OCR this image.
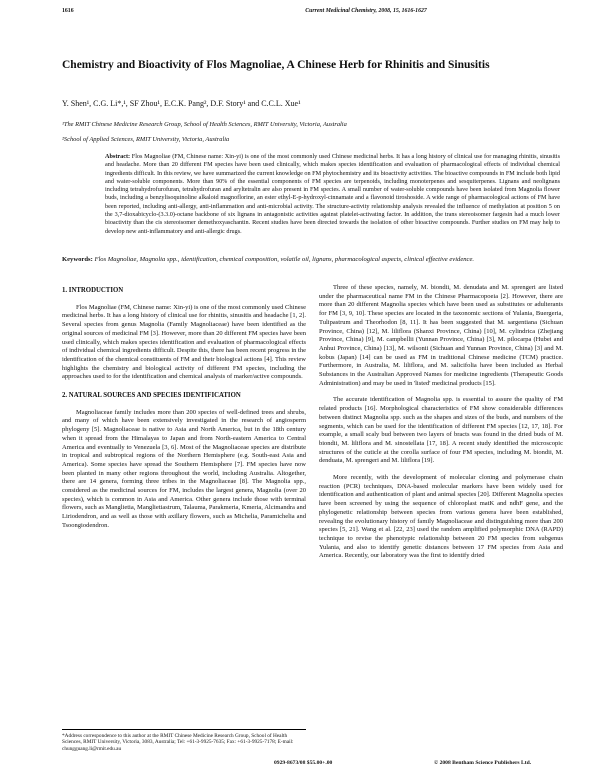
1616	Current Medicinal Chemistry, 2008, 15, 1616-1627
Chemistry and Bioactivity of Flos Magnoliae, A Chinese Herb for Rhinitis and Sinusitis
Y. Shen¹, C.G. Li*,¹, SF Zhou¹, E.C.K. Pang², D.F. Story¹ and C.C.L. Xue¹
¹The RMIT Chinese Medicine Research Group, School of Health Sciences, RMIT University, Victoria, Australia
²School of Applied Sciences, RMIT University, Victoria, Australia
Abstract: Flos Magnoliae (FM, Chinese name: Xin-yi) is one of the most commonly used Chinese medicinal herbs. It has a long history of clinical use for managing rhinitis, sinusitis and headache. More than 20 different FM species have been used clinically, which makes species identification and evaluation of pharmacological effects of individual chemical ingredients difficult. In this review, we have summarized the current knowledge on FM phytochemistry and its bioactivity activities. The bioactive compounds in FM include both lipid and water-soluble components. More than 90% of the essential components of FM species are terpenoids, including monoterpenes and sesquiterpenes. Lignans and neolignans including tetrahydrofurofuran, tetrahydrofuran and aryltetralin are also present in FM species. A small number of water-soluble compounds have been isolated from Magnolia flower buds, including a benzylisoquinoline alkaloid magnoflorine, an ester ethyl-E-p-hydroxyl-cinnamate and a flavonoid tiroshoside. A wide range of pharmacological actions of FM have been reported, including anti-allergy, anti-inflammation and anti-microbial activity. The structure-activity relationship analysis revealed the influence of methylation at position 5 on the 3,7-dioxabicyclo-(3.3.0)-octane backbone of six lignans in antagonistic activities against platelet-activating factor. In addition, the trans stereoisomer fargesin had a much lower bioactivity than the cis stereoisomer demethoxyaschantin. Recent studies have been directed towards the isolation of other bioactive compounds. Further studies on FM may help to develop new anti-inflammatory and anti-allergic drugs.
Keywords: Flos Magnoliae, Magnolia spp., identification, chemical composition, volatile oil, lignans, pharmacological aspects, clinical effective evidence.
1. INTRODUCTION

Flos Magnoliae (FM, Chinese name: Xin-yi) is one of the most commonly used Chinese medicinal herbs. It has a long history of clinical use for rhinitis, sinusitis and headache [1, 2]. Several species from genus Magnolia (Family Magnoliaceae) have been identified as the original sources of medicinal FM [3]. However, more than 20 different FM species have been used clinically, which makes species identification and evaluation of pharmacological effects of individual chemical ingredients difficult. Despite this, there has been recent progress in the identification of the chemical constituents of FM and their biological actions [4]. This review highlights the chemistry and biological activity of different FM species, including the approaches used to for the identification and chemical analysis of marker/active compounds.

2. NATURAL SOURCES AND SPECIES IDENTIFICATION

Magnoliaceae family includes more than 200 species of well-defined trees and shrubs, and many of which have been extensively investigated in the research of angiosperm phylogeny [5]. Magnoliaceae is native to Asia and North America, but in the 18th century when it spread from the Himalayas to Japan and from North-eastern America to Central America and eventually to Venezuela [3, 6]. Most of the Magnoliaceae species are distribute in tropical and subtropical regions of the Northern Hemisphere (e.g. South-east Asia and America). Some species have spread the Southern Hemisphere [7]. FM species have now been planted in many other regions throughout the world, including Australia. Altogether, there are 14 genera, forming three tribes in the Magnoliaceae [8]. The Magnolia spp., considered as the medicinal sources for FM, includes the largest genera, Magnolia (over 20 species), which is common in Asia and America. Other genera include those with terminal flowers, such as Manglietia, Manglietiastrum, Talauma, Parakmeria, Kmeria, Alcimandra and Liriodendron, and as well as those with axillary flowers, such as Michelia, Paramichelia and Tsoongiodendron.

Three of these species, namely, M. biondii, M. denudata and M. sprengeri are listed under the pharmaceutical name FM in the Chinese Pharmacopoeia [2]. However, there are more than 20 different Magnolia species which have been used as substitutes or adulterants for FM [3, 9, 10]. These species are located in the taxonomic sections of Yulania, Buergeria, Tulipastrum and Theorhodon [8, 11]. It has been suggested that M. sargentiana (Sichuan Province, China) [12], M. liliflora (Shanxi Province, China) [10], M. cylindrica (Zhejiang Province, China) [9], M. campbellii (Yunnan Province, China) [3], M. pilocarpa (Hubei and Anhui Province, China) [13], M. wilsonii (Sichuan and Yunnan Province, China) [3] and M. kobus (Japan) [14] can be used as FM in traditional Chinese medicine (TCM) practice. Furthermore, in Australia, M. liliflora, and M. salicifolia have been included as Herbal Substances in the Australian Approved Names for medicine ingredients (Therapeutic Goods Administration) and may be used in 'listed' medicinal products [15].

The accurate identification of Magnolia spp. is essential to assure the quality of FM related products [16]. Morphological characteristics of FM show considerable differences between distinct Magnolia spp. such as the shapes and sizes of the buds, and numbers of the segments, which can be used for the identification of different FM species [12, 17, 18]. For example, a small scaly bud between two layers of bracts was found in the dried buds of M. biondii, M. liliflora and M. sinostellata [17, 18]. A recent study identified the microscopic structures of the cuticle at the corolla surface of four FM species, including M. biondii, M. denduata, M. sprengeri and M. liliflora [19].

More recently, with the development of molecular cloning and polymerase chain reaction (PCR) techniques, DNA-based molecular markers have been widely used for identification and authentication of plant and animal species [20]. Different Magnolia species have been screened by using the sequence of chloroplast matK and ndhF gene, and the phylogenetic relationship between species from various genera have been established, revealing the evolutionary history of family Magnoliaceae and distinguishing more than 200 species [5, 21]. Wang et al. [22, 23] used the random amplified polymorphic DNA (RAPD) technique to revise the phenotypic relationship between 20 FM species from subgenus Yulania, and also to identify genetic distances between 17 FM species from Asia and America. Recently, our laboratory was the first to identify dried

*Address correspondence to this author at the RMIT Chinese Medicine Research Group, School of Health Sciences, RMIT University, Victoria, 3083, Australia; Tel: +61-3-9925-7635; Fax: +61-3-9925-7178; E-mail: chungguang.li@rmit.edu.au
0929-8673/08 $55.00+.00	© 2008 Bentham Science Publishers Ltd.
